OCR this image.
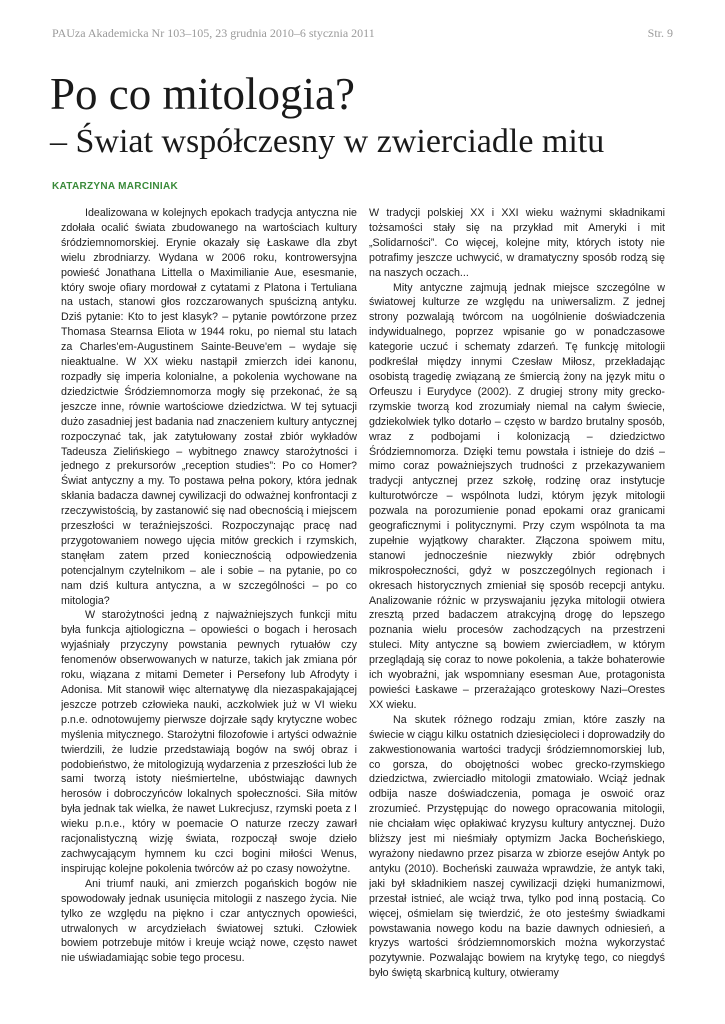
PAUza Akademicka Nr 103–105, 23 grudnia 2010–6 stycznia 2011	Str. 9
Po co mitologia?
– Świat współczesny w zwierciadle mitu
KATARZYNA MARCINIAK

Idealizowana w kolejnych epokach tradycja antyczna nie zdołała ocalić świata zbudowanego na wartościach kultury śródziemnomorskiej. Erynie okazały się Łaskawe dla zbyt wielu zbrodniarzy. Wydana w 2006 roku, kontrowersyjna powieść Jonathana Littella o Maximilianie Aue, esesmanie, który swoje ofiary mordował z cytatami z Platona i Tertuliana na ustach, stanowi głos rozczarowanych spuścizną antyku. Dziś pytanie: Kto to jest klasyk? – pytanie powtórzone przez Thomasa Stearnsa Eliota w 1944 roku, po niemal stu latach za Charles'em-Augustinem Sainte-Beuve'em – wydaje się nieaktualne. W XX wieku nastąpił zmierzch idei kanonu, rozpadły się imperia kolonialne, a pokolenia wychowane na dziedzictwie Śródziemnomorza mogły się przekonać, że są jeszcze inne, równie wartościowe dziedzictwa. W tej sytuacji dużo zasadniej jest badania nad znaczeniem kultury antycznej rozpoczynać tak, jak zatytułowany został zbiór wykładów Tadeusza Zielińskiego – wybitnego znawcy starożytności i jednego z prekursorów „reception studies”: Po co Homer? Świat antyczny a my. To postawa pełna pokory, która jednak skłania badacza dawnej cywilizacji do odważnej konfrontacji z rzeczywistością, by zastanowić się nad obecnością i miejscem przeszłości w teraźniejszości. Rozpoczynając pracę nad przygotowaniem nowego ujęcia mitów greckich i rzymskich, stanęłam zatem przed koniecznością odpowiedzenia potencjalnym czytelnikom – ale i sobie – na pytanie, po co nam dziś kultura antyczna, a w szczególności – po co mitologia?

W starożytności jedną z najważniejszych funkcji mitu była funkcja ajtiologiczna – opowieści o bogach i herosach wyjaśniały przyczyny powstania pewnych rytuałów czy fenomenów obserwowanych w naturze, takich jak zmiana pór roku, wiązana z mitami Demeter i Persefony lub Afrodyty i Adonisa. Mit stanowił więc alternatywę dla niezaspakajającej jeszcze potrzeb człowieka nauki, aczkolwiek już w VI wieku p.n.e. odnotowujemy pierwsze dojrzałe sądy krytyczne wobec myślenia mitycznego. Starożytni filozofowie i artyści odważnie twierdzili, że ludzie przedstawiają bogów na swój obraz i podobieństwo, że mitologizują wydarzenia z przeszłości lub że sami tworzą istoty nieśmiertelne, ubóstwiając dawnych herosów i dobroczyńców lokalnych społeczności. Siła mitów była jednak tak wielka, że nawet Lukrecjusz, rzymski poeta z I wieku p.n.e., który w poemacie O naturze rzeczy zawarł racjonalistyczną wizję świata, rozpoczął swoje dzieło zachwycającym hymnem ku czci bogini miłości Wenus, inspirując kolejne pokolenia twórców aż po czasy nowożytne.

Ani triumf nauki, ani zmierzch pogańskich bogów nie spowodowały jednak usunięcia mitologii z naszego życia. Nie tylko ze względu na piękno i czar antycznych opowieści, utrwalonych w arcydziełach światowej sztuki. Człowiek bowiem potrzebuje mitów i kreuje wciąż nowe, często nawet nie uświadamiając sobie tego procesu.

W tradycji polskiej XX i XXI wieku ważnymi składnikami tożsamości stały się na przykład mit Ameryki i mit „Solidarności”. Co więcej, kolejne mity, których istoty nie potrafimy jeszcze uchwycić, w dramatyczny sposób rodzą się na naszych oczach...

Mity antyczne zajmują jednak miejsce szczególne w światowej kulturze ze względu na uniwersalizm. Z jednej strony pozwalają twórcom na uogólnienie doświadczenia indywidualnego, poprzez wpisanie go w ponadczasowe kategorie uczuć i schematy zdarzeń. Tę funkcję mitologii podkreślał między innymi Czesław Miłosz, przekładając osobistą tragedię związaną ze śmiercią żony na język mitu o Orfeuszu i Eurydyce (2002). Z drugiej strony mity grecko-rzymskie tworzą kod zrozumiały niemal na całym świecie, gdziekolwiek tylko dotarło – często w bardzo brutalny sposób, wraz z podbojami i kolonizacją – dziedzictwo Śródziemnomorza. Dzięki temu powstała i istnieje do dziś – mimo coraz poważniejszych trudności z przekazywaniem tradycji antycznej przez szkołę, rodzinę oraz instytucje kulturotwórcze – wspólnota ludzi, którym język mitologii pozwala na porozumienie ponad epokami oraz granicami geograficznymi i politycznymi. Przy czym wspólnota ta ma zupełnie wyjątkowy charakter. Złączona spoiwem mitu, stanowi jednocześnie niezwykły zbiór odrębnych mikrospołeczności, gdyż w poszczególnych regionach i okresach historycznych zmieniał się sposób recepcji antyku. Analizowanie różnic w przyswajaniu języka mitologii otwiera zresztą przed badaczem atrakcyjną drogę do lepszego poznania wielu procesów zachodzących na przestrzeni stuleci. Mity antyczne są bowiem zwierciadłem, w którym przeglądają się coraz to nowe pokolenia, a także bohaterowie ich wyobraźni, jak wspomniany esesman Aue, protagonista powieści Łaskawe – przerażająco groteskowy Nazi–Orestes XX wieku.

Na skutek różnego rodzaju zmian, które zaszły na świecie w ciągu kilku ostatnich dziesięcioleci i doprowadziły do zakwestionowania wartości tradycji śródziemnomorskiej lub, co gorsza, do obojętności wobec grecko-rzymskiego dziedzictwa, zwierciadło mitologii zmatowiało. Wciąż jednak odbija nasze doświadczenia, pomaga je oswoić oraz zrozumieć. Przystępując do nowego opracowania mitologii, nie chciałam więc opłakiwać kryzysu kultury antycznej. Dużo bliższy jest mi nieśmiały optymizm Jacka Bocheńskiego, wyrażony niedawno przez pisarza w zbiorze esejów Antyk po antyku (2010). Bocheński zauważa wprawdzie, że antyk taki, jaki był składnikiem naszej cywilizacji dzięki humanizmowi, przestał istnieć, ale wciąż trwa, tylko pod inną postacią. Co więcej, ośmielam się twierdzić, że oto jesteśmy świadkami powstawania nowego kodu na bazie dawnych odniesień, a kryzys wartości śródziemnomorskich można wykorzystać pozytywnie. Pozwalając bowiem na krytykę tego, co niegdyś było świętą skarbnicą kultury, otwieramy
